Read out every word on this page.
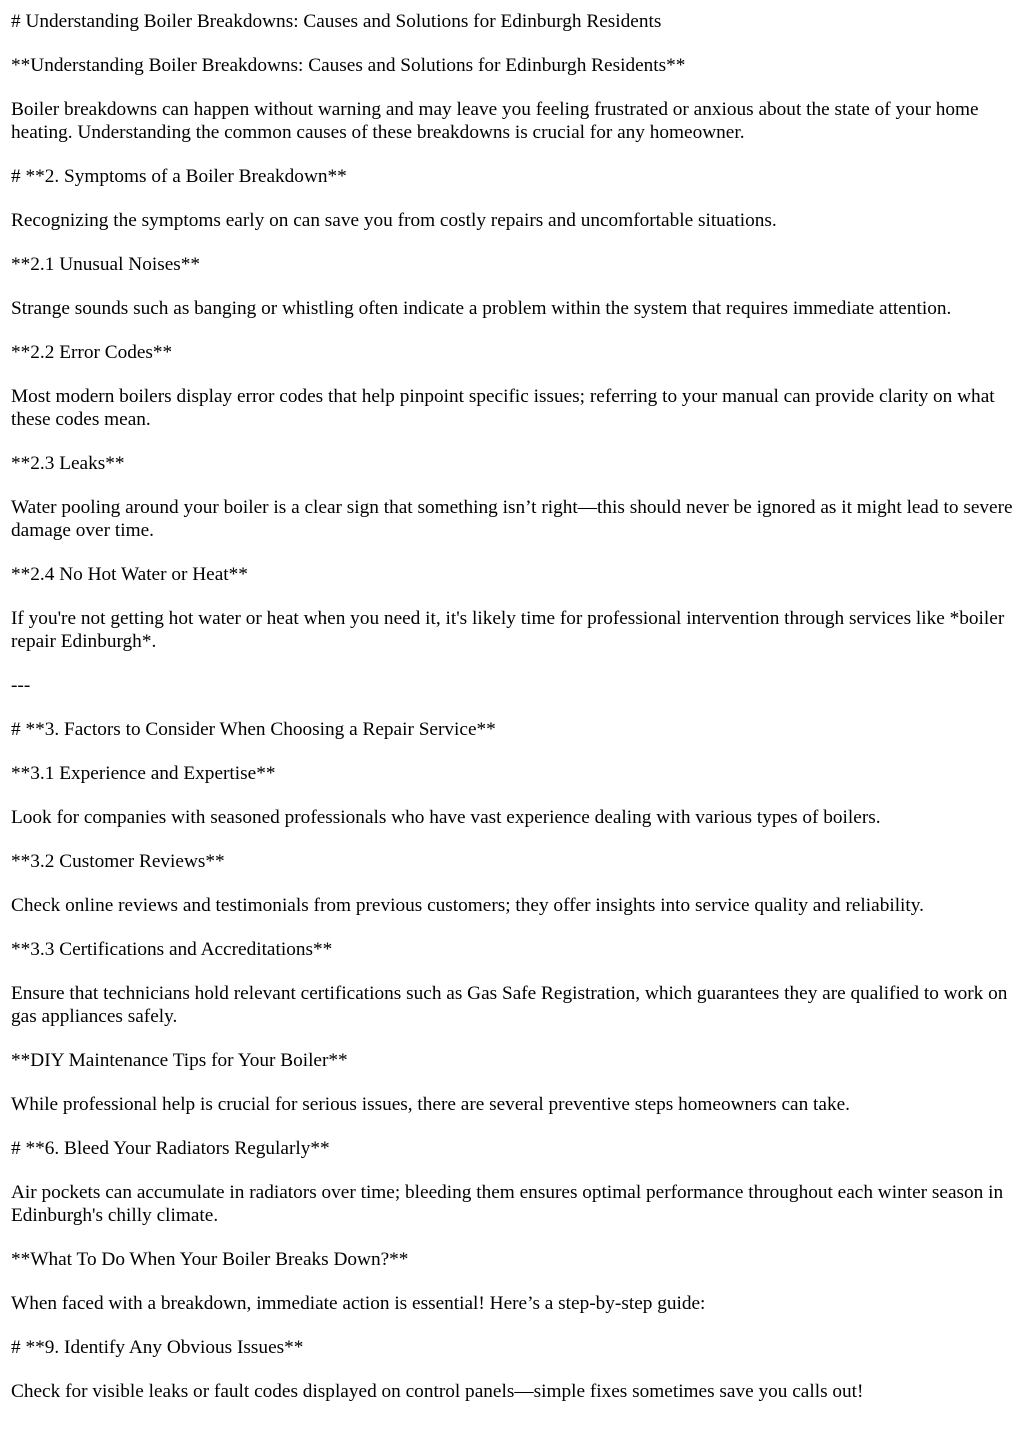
# Understanding Boiler Breakdowns: Causes and Solutions for Edinburgh Residents

**Understanding Boiler Breakdowns: Causes and Solutions for Edinburgh Residents**

Boiler breakdowns can happen without warning and may leave you feeling frustrated or anxious about the state of your home heating. Understanding the common causes of these breakdowns is crucial for any homeowner.

# **2. Symptoms of a Boiler Breakdown**

Recognizing the symptoms early on can save you from costly repairs and uncomfortable situations.

**2.1 Unusual Noises**

Strange sounds such as banging or whistling often indicate a problem within the system that requires immediate attention.

**2.2 Error Codes**

Most modern boilers display error codes that help pinpoint specific issues; referring to your manual can provide clarity on what these codes mean.

**2.3 Leaks**

Water pooling around your boiler is a clear sign that something isn’t right—this should never be ignored as it might lead to severe damage over time.

**2.4 No Hot Water or Heat**

If you're not getting hot water or heat when you need it, it's likely time for professional intervention through services like *boiler repair Edinburgh*.

---

# **3. Factors to Consider When Choosing a Repair Service**

**3.1 Experience and Expertise**

Look for companies with seasoned professionals who have vast experience dealing with various types of boilers.

**3.2 Customer Reviews**

Check online reviews and testimonials from previous customers; they offer insights into service quality and reliability.

**3.3 Certifications and Accreditations**

Ensure that technicians hold relevant certifications such as Gas Safe Registration, which guarantees they are qualified to work on gas appliances safely.

**DIY Maintenance Tips for Your Boiler**

While professional help is crucial for serious issues, there are several preventive steps homeowners can take.

# **6. Bleed Your Radiators Regularly**

Air pockets can accumulate in radiators over time; bleeding them ensures optimal performance throughout each winter season in Edinburgh's chilly climate.

**What To Do When Your Boiler Breaks Down?**

When faced with a breakdown, immediate action is essential! Here’s a step-by-step guide:

# **9. Identify Any Obvious Issues**

Check for visible leaks or fault codes displayed on control panels—simple fixes sometimes save you calls out!
